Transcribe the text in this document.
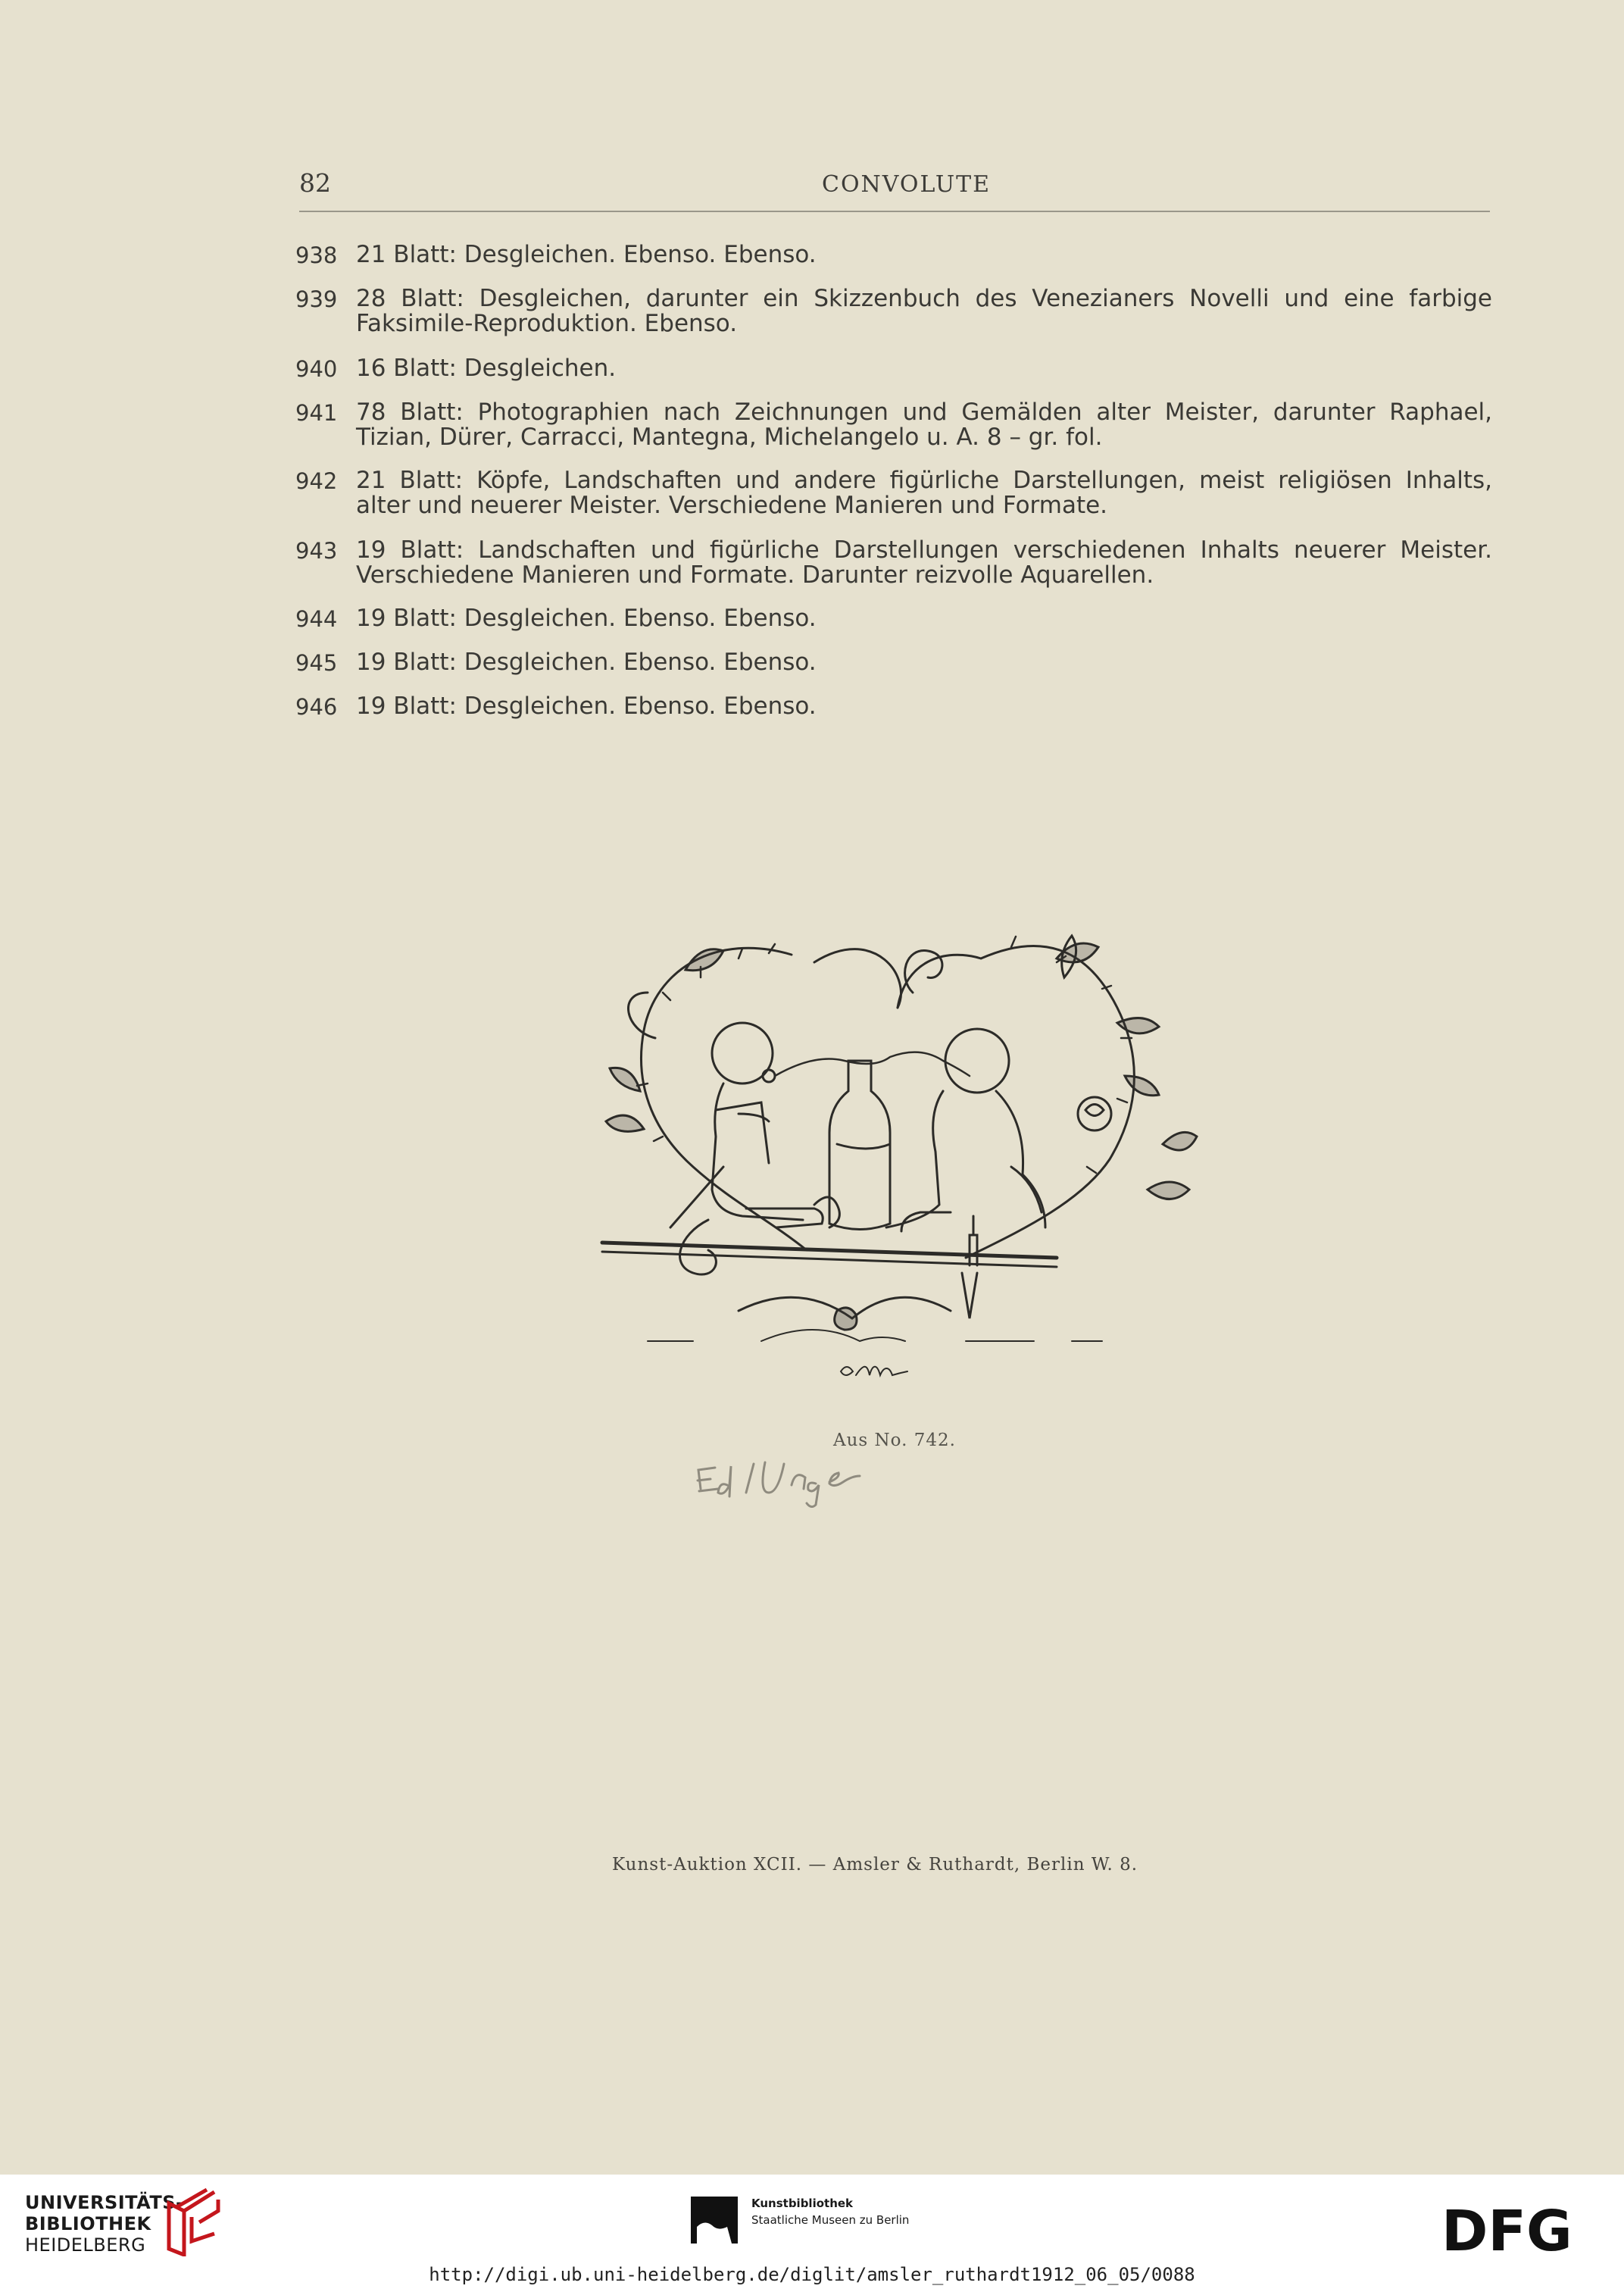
82	CONVOLUTE
938 21 Blatt: Desgleichen. Ebenso. Ebenso.
939 28 Blatt: Desgleichen, darunter ein Skizzenbuch des Venezianers Novelli und eine farbige
Faksimile-Reproduktion. Ebenso.
940 16 Blatt: Desgleichen.
941 78 Blatt: Photographien nach Zeichnungen und Gemälden alter Meister, darunter Raphael,
Tizian, Dürer, Carracci, Mantegna, Michelangelo u. A. 8 – gr. fol.
942 21 Blatt: Köpfe, Landschaften und andere figürliche Darstellungen, meist religiösen Inhalts,
alter und neuerer Meister. Verschiedene Manieren und Formate.
943 19 Blatt: Landschaften und figürliche Darstellungen verschiedenen Inhalts neuerer Meister.
Verschiedene Manieren und Formate. Darunter reizvolle Aquarellen.
944 19 Blatt: Desgleichen. Ebenso. Ebenso.
945 19 Blatt: Desgleichen. Ebenso. Ebenso.
946 19 Blatt: Desgleichen. Ebenso. Ebenso.
Aus No. 742.
Kunst-Auktion XCII. — Amsler & Ruthardt, Berlin W. 8.
UNIVERSITÄTS-
BIBLIOTHEK
HEIDELBERG
Kunstbibliothek
Staatliche Museen zu Berlin	DFG
http://digi.ub.uni-heidelberg.de/diglit/amsler_ruthardt1912_06_05/0088
